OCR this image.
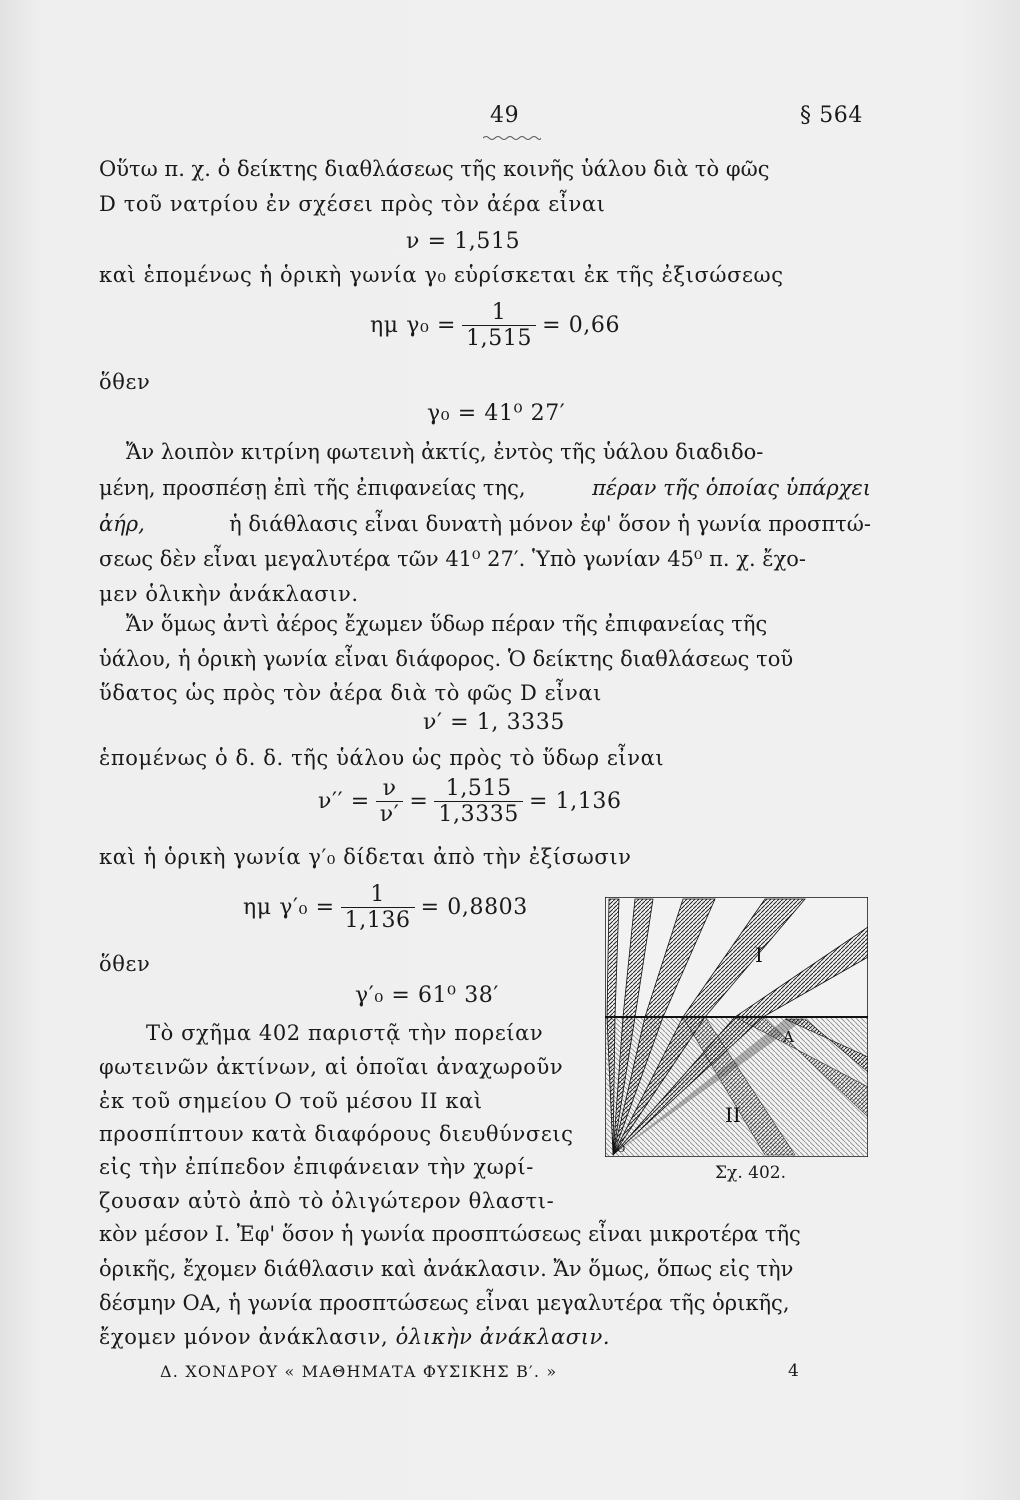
49	§ 564
Οὕτω π. χ. ὁ δείκτης διαθλάσεως τῆς κοινῆς ὑάλου διὰ τὸ φῶς
D τοῦ νατρίου ἐν σχέσει πρὸς τὸν ἀέρα εἶναι
ν = 1,515
καὶ ἑπομένως ἡ ὁρικὴ γωνία γ₀ εὑρίσκεται ἐκ τῆς ἐξισώσεως
ημ $\gamma_0 = \frac{1}{1,515} = 0,66$
ὅθεν
γ₀ = 41⁰ 27′
Ἄν λοιπὸν κιτρίνη φωτεινὴ ἀκτίς, ἐντὸς τῆς ὑάλου διαδιδο-
μένη, προσπέσῃ ἐπὶ τῆς ἐπιφανείας της,	πέραν τῆς ὁποίας ὑπάρχει
ἀήρ,	ἡ διάθλασις εἶναι δυνατὴ μόνον ἐφ' ὅσον ἡ γωνία προσπτώ-
σεως δὲν εἶναι μεγαλυτέρα τῶν 41⁰ 27′. Ὑπὸ γωνίαν 45⁰ π. χ. ἔχο-
μεν ὁλικὴν ἀνάκλασιν.
Ἄν ὅμως ἀντὶ ἀέρος ἔχωμεν ὕδωρ πέραν τῆς ἐπιφανείας τῆς
ὑάλου, ἡ ὁρικὴ γωνία εἶναι διάφορος. Ὁ δείκτης διαθλάσεως τοῦ
ὕδατος ὡς πρὸς τὸν ἀέρα διὰ τὸ φῶς D εἶναι
ν′ = 1, 3335
ἑπομένως ὁ δ. δ. τῆς ὑάλου ὡς πρὸς τὸ ὕδωρ εἶναι
$\nu'' = \frac{\nu}{\nu'} = \frac{1,515}{1,3335} = 1,136$
καὶ ἡ ὁρικὴ γωνία γ′₀ δίδεται ἀπὸ τὴν ἐξίσωσιν
ημ $\gamma'_0 = \frac{1}{1,136} = 0,8803$
ὅθεν
γ′₀ = 61⁰ 38′
Τὸ σχῆμα 402 παριστᾷ τὴν πορείαν
φωτεινῶν ἀκτίνων, αἱ ὁποῖαι ἀναχωροῦν
ἐκ τοῦ σημείου Ο τοῦ μέσου ΙΙ καὶ
προσπίπτουν κατὰ διαφόρους διευθύνσεις
εἰς τὴν ἐπίπεδον ἐπιφάνειαν τὴν χωρί-
ζουσαν αὐτὸ ἀπὸ τὸ ὀλιγώτερον θλαστι-
κὸν μέσον Ι. Ἐφ' ὅσον ἡ γωνία προσπτώσεως εἶναι μικροτέρα τῆς
ὁρικῆς, ἔχομεν διάθλασιν καὶ ἀνάκλασιν. Ἄν ὅμως, ὅπως εἰς τὴν
δέσμην ΟΑ, ἡ γωνία προσπτώσεως εἶναι μεγαλυτέρα τῆς ὁρικῆς,
ἔχομεν μόνον ἀνάκλασιν, ὁλικὴν ἀνάκλασιν.
I
II
A
O
Σχ. 402.
Δ. ΧΟΝΔΡΟΥ « ΜΑΘΗΜΑΤΑ ΦΥΣΙΚΗΣ Β′. »	4
